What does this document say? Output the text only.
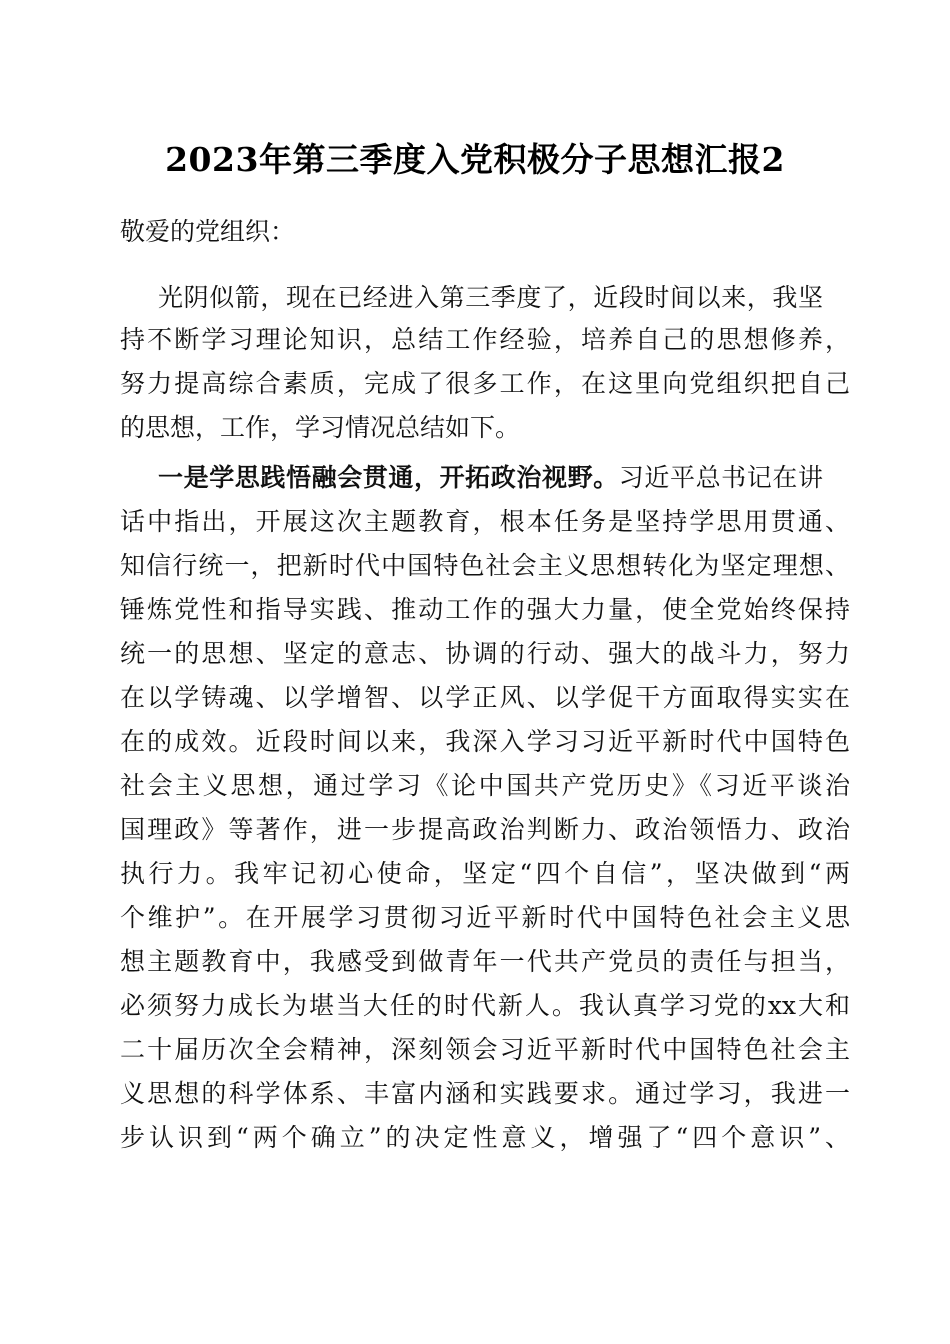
2023年第三季度入党积极分子思想汇报2
敬爱的党组织：
光阴似箭，现在已经进入第三季度了，近段时间以来，我坚
持不断学习理论知识，总结工作经验，培养自己的思想修养，
努力提高综合素质，完成了很多工作，在这里向党组织把自己
的思想，工作，学习情况总结如下。
一是学思践悟融会贯通，开拓政治视野。习近平总书记在讲
话中指出，开展这次主题教育，根本任务是坚持学思用贯通、
知信行统一，把新时代中国特色社会主义思想转化为坚定理想、
锤炼党性和指导实践、推动工作的强大力量，使全党始终保持
统一的思想、坚定的意志、协调的行动、强大的战斗力，努力
在以学铸魂、以学增智、以学正风、以学促干方面取得实实在
在的成效。近段时间以来，我深入学习习近平新时代中国特色
社会主义思想，通过学习《论中国共产党历史》《习近平谈治
国理政》等著作，进一步提高政治判断力、政治领悟力、政治
执行力。我牢记初心使命，坚定“四个自信”，坚决做到“两
个维护”。在开展学习贯彻习近平新时代中国特色社会主义思
想主题教育中，我感受到做青年一代共产党员的责任与担当，
必须努力成长为堪当大任的时代新人。我认真学习党的xx大和
二十届历次全会精神，深刻领会习近平新时代中国特色社会主
义思想的科学体系、丰富内涵和实践要求。通过学习，我进一
步认识到“两个确立”的决定性意义，增强了“四个意识”、
